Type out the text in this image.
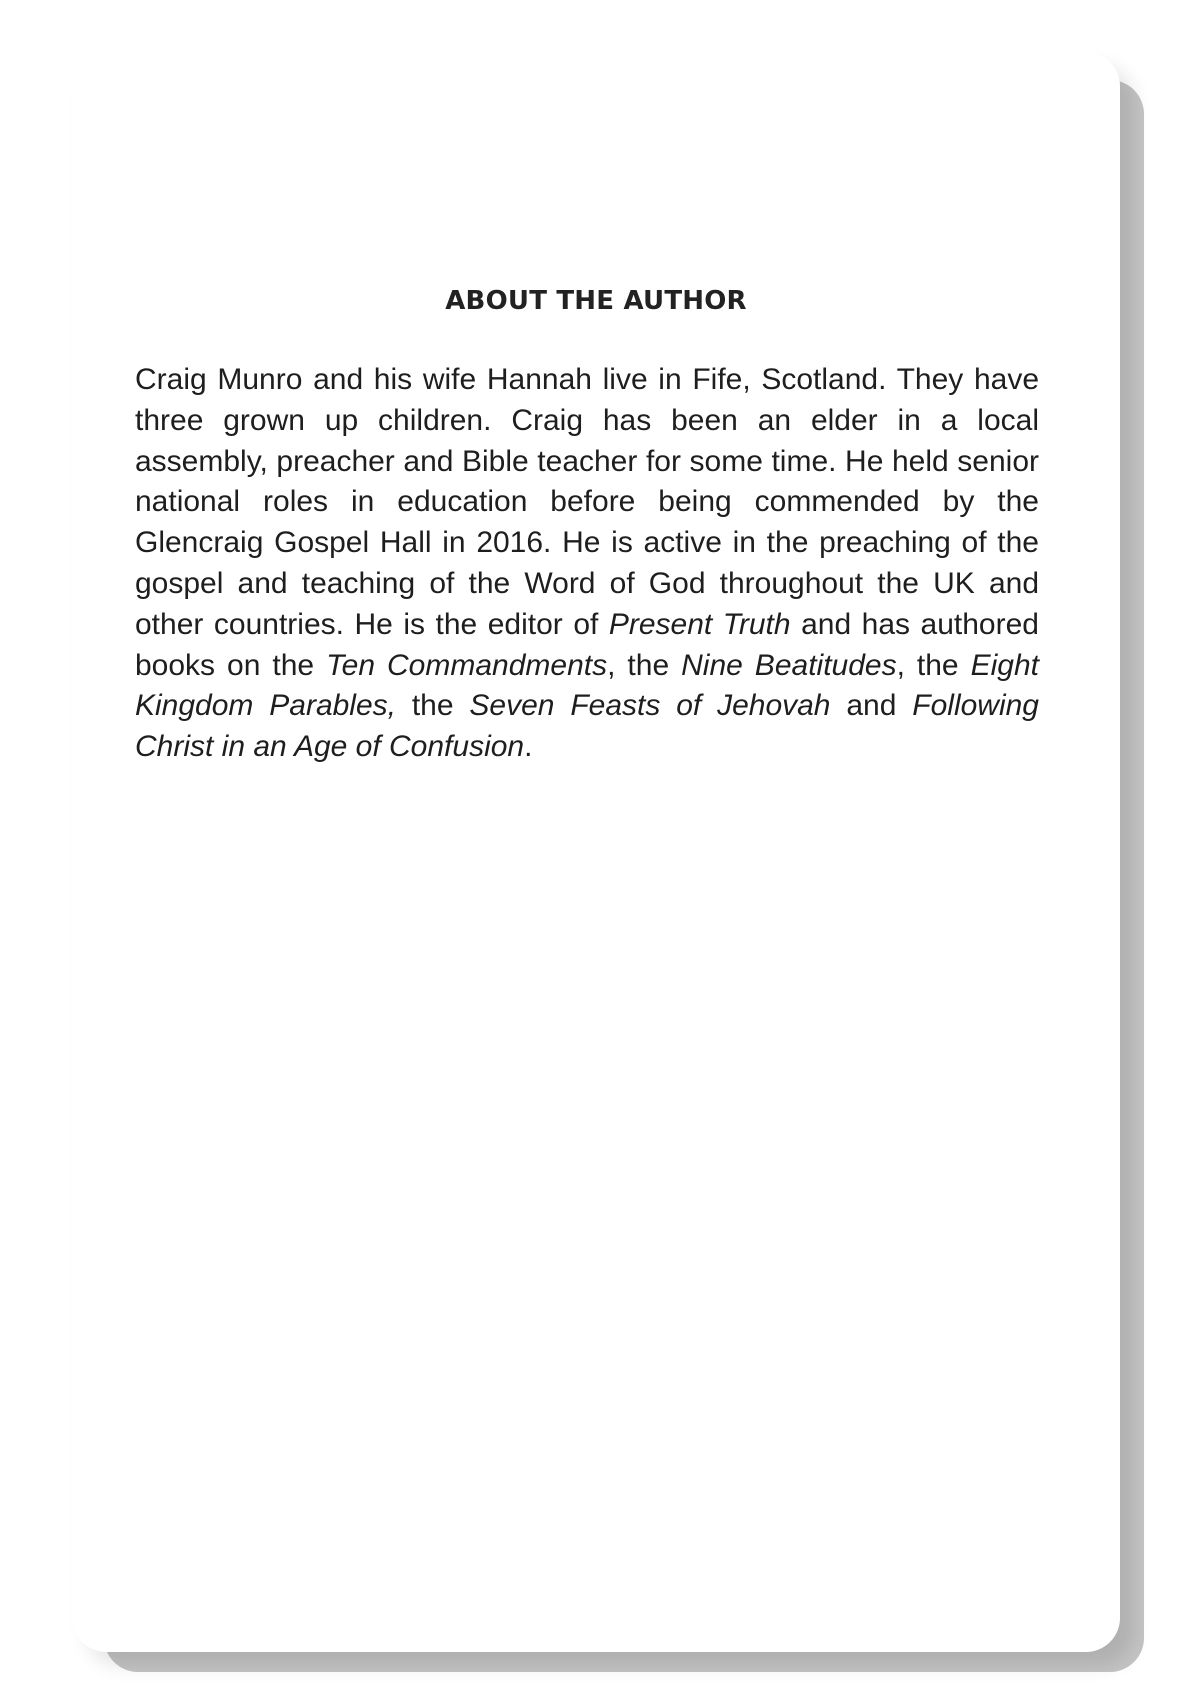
ABOUT THE AUTHOR

Craig Munro and his wife Hannah live in Fife, Scotland. They have three grown up children. Craig has been an elder in a local assembly, preacher and Bible teacher for some time. He held senior national roles in education before being commended by the Glencraig Gospel Hall in 2016. He is active in the preaching of the gospel and teaching of the Word of God throughout the UK and other countries. He is the editor of Present Truth and has authored books on the Ten Commandments, the Nine Beatitudes, the Eight Kingdom Parables, the Seven Feasts of Jehovah and Following Christ in an Age of Confusion.
